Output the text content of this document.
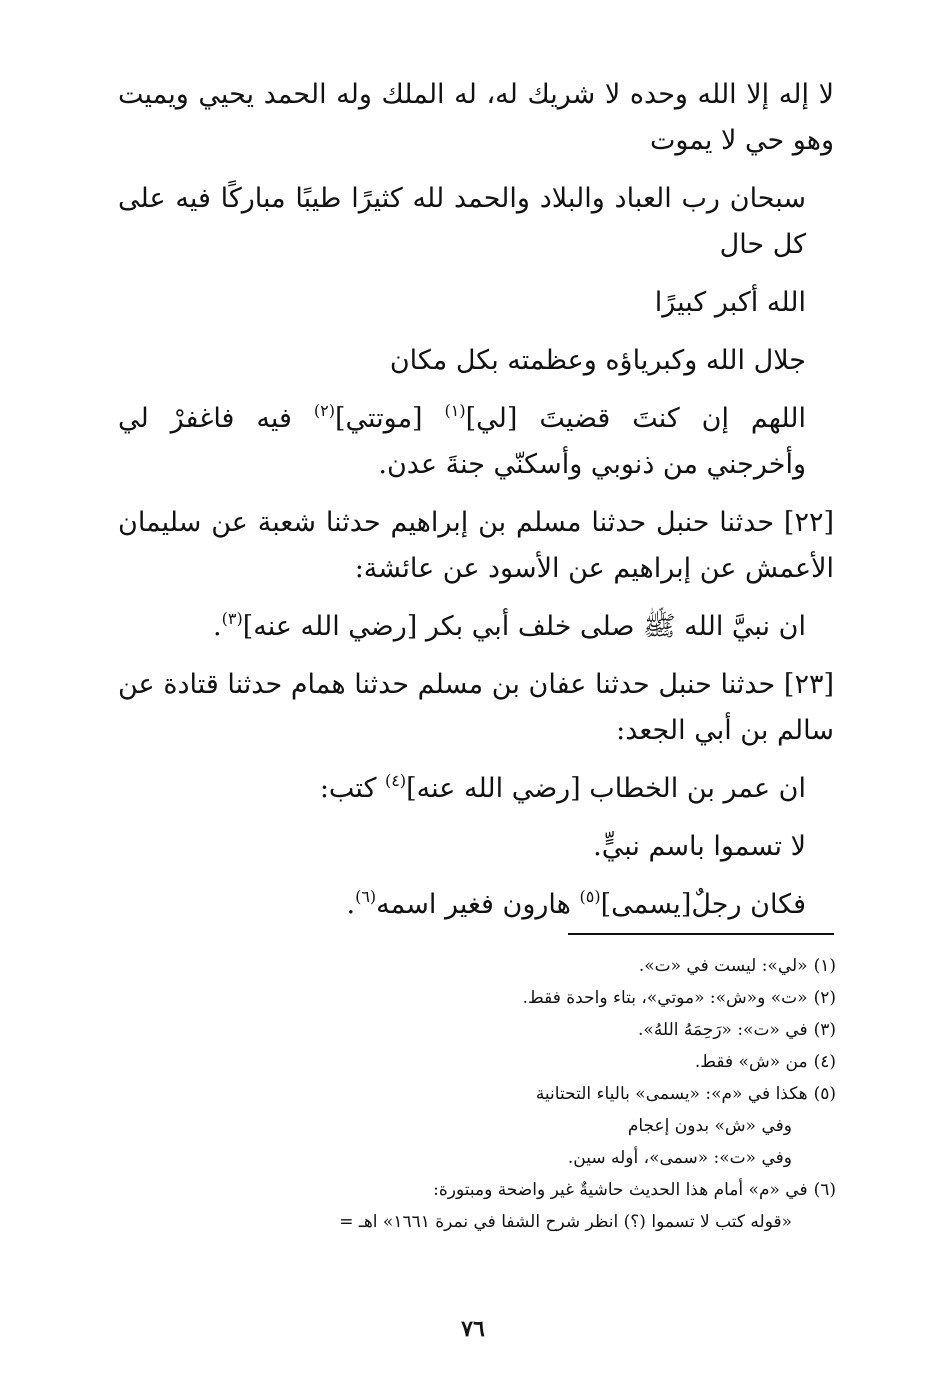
لا إله إلا الله وحده لا شريك له، له الملك وله الحمد يحيي ويميت وهو حي لا يموت

سبحان رب العباد والبلاد والحمد لله كثيرًا طيبًا مباركًا فيه على كل حال

الله أكبر كبيرًا

جلال الله وكبرياؤه وعظمته بكل مكان

اللهم إن كنتَ قضيتَ [لي]$^{(١)}$ [موتتي]$^{(٢)}$ فيه فاغفرْ لي وأخرجني من ذنوبي وأسكنّي جنةَ عدن.

[٢٢] حدثنا حنبل حدثنا مسلم بن إبراهيم حدثنا شعبة عن سليمان الأعمش عن إبراهيم عن الأسود عن عائشة:

ان نبيَّ الله ﷺ صلى خلف أبي بكر [رضي الله عنه]$^{(٣)}$.

[٢٣] حدثنا حنبل حدثنا عفان بن مسلم حدثنا همام حدثنا قتادة عن سالم بن أبي الجعد:

ان عمر بن الخطاب [رضي الله عنه]$^{(٤)}$ كتب:

لا تسموا باسم نبيٍّ.

فكان رجلٌ[يسمى]$^{(٥)}$ هارون فغير اسمه$^{(٦)}$.

(١)«لي»: ليست في «ت».
(٢)«ت» و«ش»: «موتي»، بتاء واحدة فقط.
(٣)في «ت»: «رَحِمَهُ اللهُ».
(٤)من «ش» فقط.
(٥)هكذا في «م»: «يسمى» بالياء التحتانية
وفي «ش» بدون إعجام
وفي «ت»: «سمى»، أوله سين.
(٦)في «م» أمام هذا الحديث حاشيةٌ غير واضحة ومبتورة:
«قوله كتب لا تسموا (؟) انظر شرح الشفا في نمرة ١٦٦١» اهـ =
٧٦
